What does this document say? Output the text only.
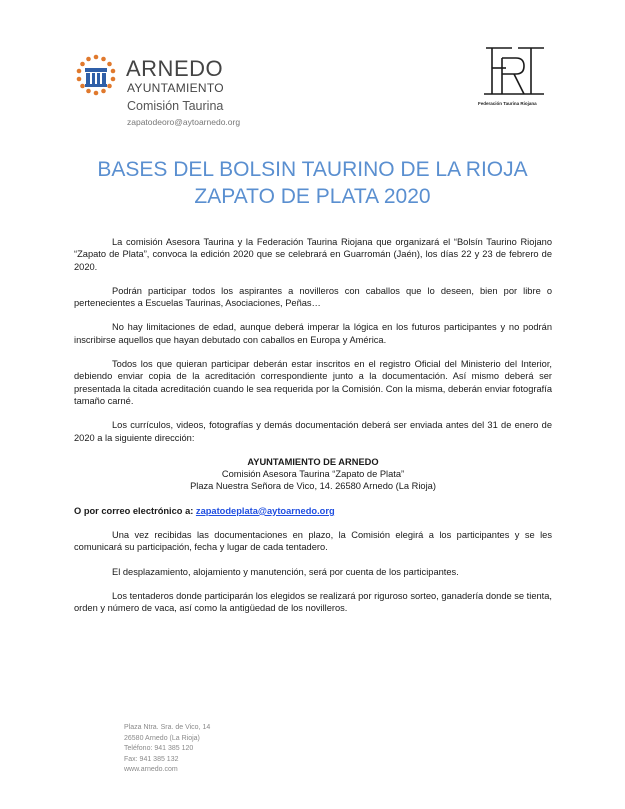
ARNEDO
AYUNTAMIENTO
Comisión Taurina
zapatodeoro@aytoarnedo.org
Federación Taurina Riojana
BASES DEL BOLSIN TAURINO DE LA RIOJA ZAPATO DE PLATA 2020

La comisión Asesora Taurina y la Federación Taurina Riojana que organizará el “Bolsín Taurino Riojano “Zapato de Plata”, convoca la edición 2020 que se celebrará en Guarromán (Jaén), los días 22 y 23 de febrero de 2020.

Podrán participar todos los aspirantes a novilleros con caballos que lo deseen, bien por libre o pertenecientes a Escuelas Taurinas, Asociaciones, Peñas…

No hay limitaciones de edad, aunque deberá imperar la lógica en los futuros participantes y no podrán inscribirse aquellos que hayan debutado con caballos en Europa y América.

Todos los que quieran participar deberán estar inscritos en el registro Oficial del Ministerio del Interior, debiendo enviar copia de la acreditación correspondiente junto a la documentación. Así mismo deberá ser presentada la citada acreditación cuando le sea requerida por la Comisión. Con la misma, deberán enviar fotografía tamaño carné.

Los currículos, videos, fotografías y demás documentación deberá ser enviada antes del 31 de enero de 2020 a la siguiente dirección:

AYUNTAMIENTO DE ARNEDO
Comisión Asesora Taurina “Zapato de Plata”
Plaza Nuestra Señora de Vico, 14. 26580 Arnedo (La Rioja)
O por correo electrónico a: zapatodeplata@aytoarnedo.org

Una vez recibidas las documentaciones en plazo, la Comisión elegirá a los participantes y se les comunicará su participación, fecha y lugar de cada tentadero.

El desplazamiento, alojamiento y manutención, será por cuenta de los participantes.

Los tentaderos donde participarán los elegidos se realizará por riguroso sorteo, ganadería donde se tienta, orden y número de vaca, así como la antigüedad de los novilleros.

Plaza Ntra. Sra. de Vico, 14
26580 Arnedo (La Rioja)
Teléfono: 941 385 120
Fax: 941 385 132
www.arnedo.com
